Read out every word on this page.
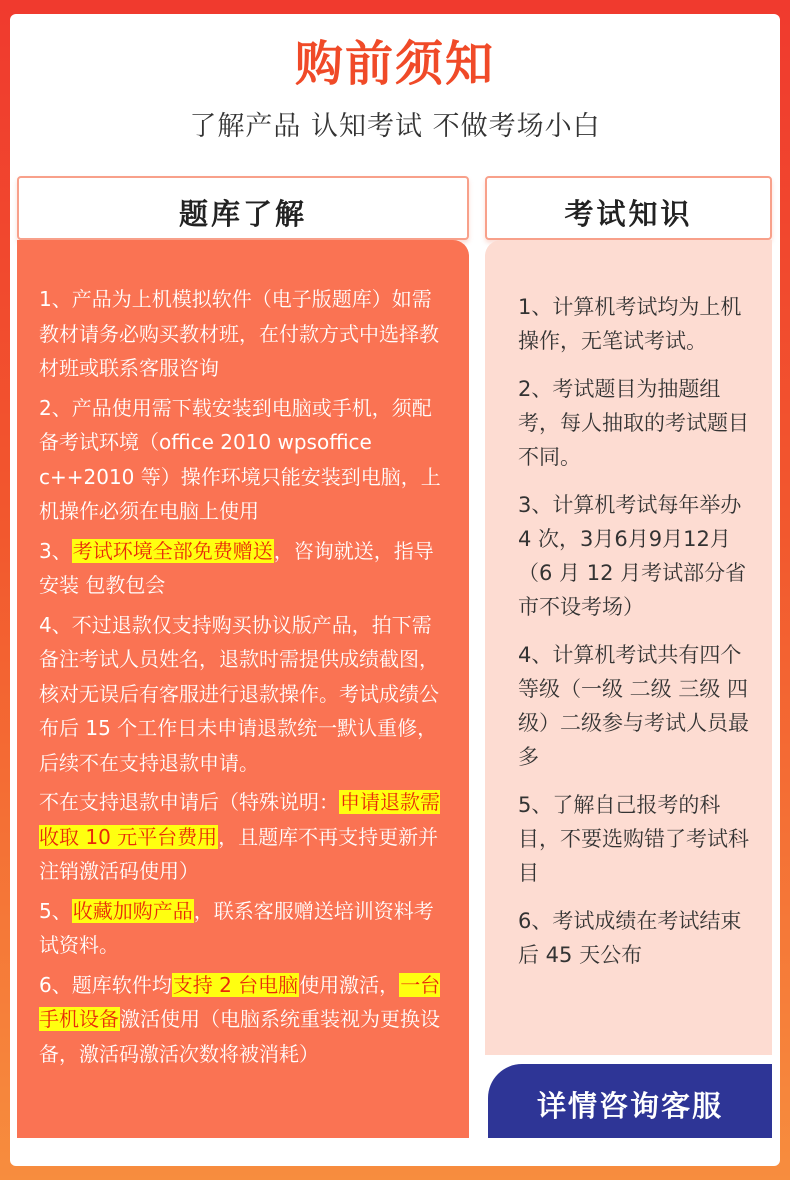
购前须知
了解产品 认知考试 不做考场小白
题库了解	考试知识

1、产品为上机模拟软件（电子版题库）如需教材请务必购买教材班，在付款方式中选择教材班或联系客服咨询

2、产品使用需下载安装到电脑或手机，须配备考试环境（office 2010 wpsoffice c++2010 等）操作环境只能安装到电脑，上机操作必须在电脑上使用

3、考试环境全部免费赠送，咨询就送，指导安装 包教包会

4、不过退款仅支持购买协议版产品，拍下需备注考试人员姓名，退款时需提供成绩截图，核对无误后有客服进行退款操作。考试成绩公布后 15 个工作日未申请退款统一默认重修，后续不在支持退款申请。

不在支持退款申请后（特殊说明：申请退款需收取 10 元平台费用，且题库不再支持更新并注销激活码使用）

5、收藏加购产品，联系客服赠送培训资料考试资料。

6、题库软件均支持 2 台电脑使用激活，一台手机设备激活使用（电脑系统重装视为更换设备，激活码激活次数将被消耗）

1、计算机考试均为上机操作，无笔试考试。

2、考试题目为抽题组考，每人抽取的考试题目不同。

3、计算机考试每年举办 4 次，3月6月9月12月（6 月 12 月考试部分省市不设考场）

4、计算机考试共有四个等级（一级 二级 三级 四级）二级参与考试人员最多

5、了解自己报考的科目，不要选购错了考试科目

6、考试成绩在考试结束后 45 天公布

详情咨询客服
